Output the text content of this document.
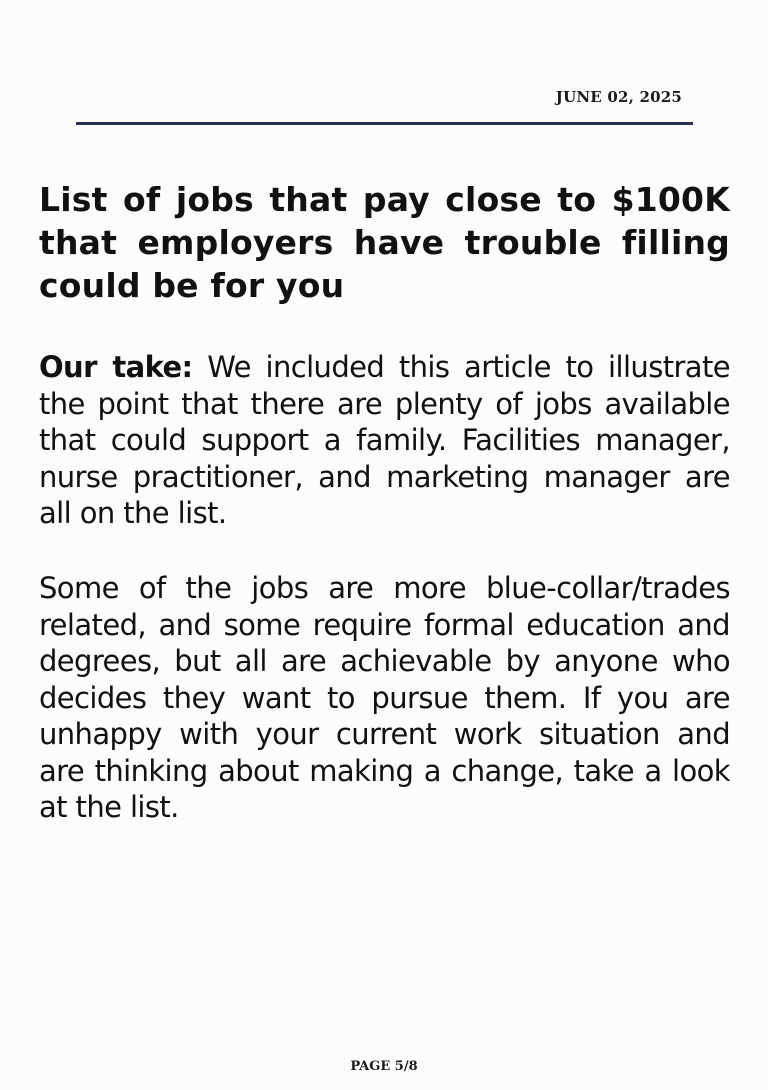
JUNE 02, 2025
List of jobs that pay close to $100K that employers have trouble filling could be for you

Our take: We included this article to illustrate the point that there are plenty of jobs available that could support a family. Facilities manager, nurse practitioner, and marketing manager are all on the list.

Some of the jobs are more blue-collar/trades related, and some require formal education and degrees, but all are achievable by anyone who decides they want to pursue them. If you are unhappy with your current work situation and are thinking about making a change, take a look at the list.

PAGE 5/8
